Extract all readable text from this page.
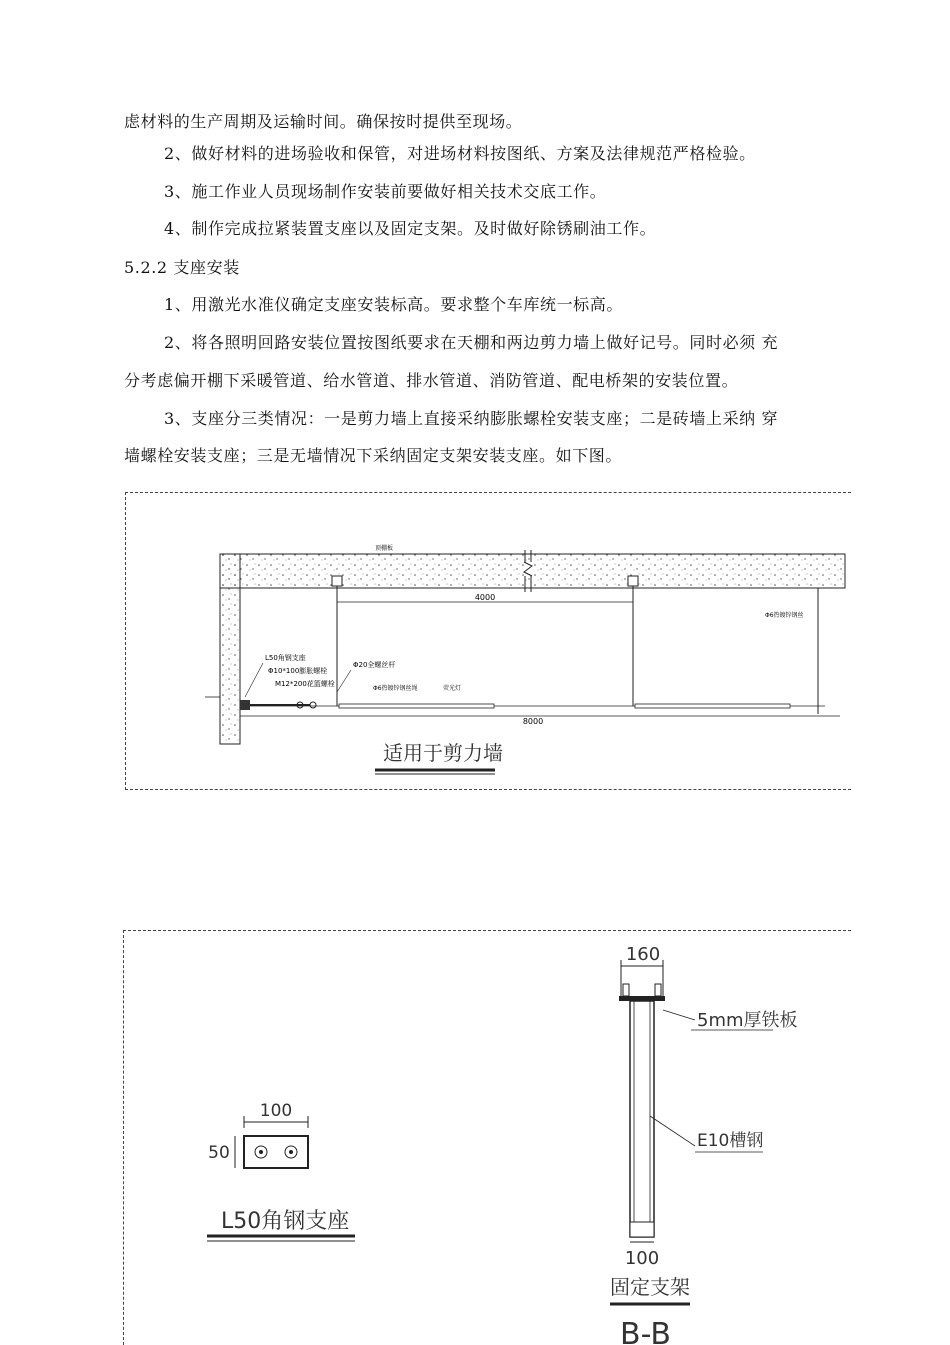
虑材料的生产周期及运输时间。确保按时提供至现场。
2、做好材料的进场验收和保管，对进场材料按图纸、方案及法律规范严格检验。
3、施工作业人员现场制作安装前要做好相关技术交底工作。
4、制作完成拉紧装置支座以及固定支架。及时做好除锈刷油工作。
5.2.2 支座安装
1、用激光水准仪确定支座安装标高。要求整个车库统一标高。
2、将各照明回路安装位置按图纸要求在天棚和两边剪力墙上做好记号。同时必须 充
分考虑偏开棚下采暖管道、给水管道、排水管道、消防管道、配电桥架的安装位置。
3、支座分三类情况：一是剪力墙上直接采纳膨胀螺栓安装支座；二是砖墙上采纳 穿
墙螺栓安装支座；三是无墙情况下采纳固定支架安装支座。如下图。
4000
8000
顶棚板
L50角钢支座
Φ10*100膨胀螺栓
M12*200花篮螺栓
Φ20全螺丝杆
Φ6热镀锌钢丝绳	荧光灯
Φ6热镀锌钢丝
适用于剪力墙
100
50
L50角钢支座
160
100
5mm厚铁板
E10槽钢
固定支架
B-B
